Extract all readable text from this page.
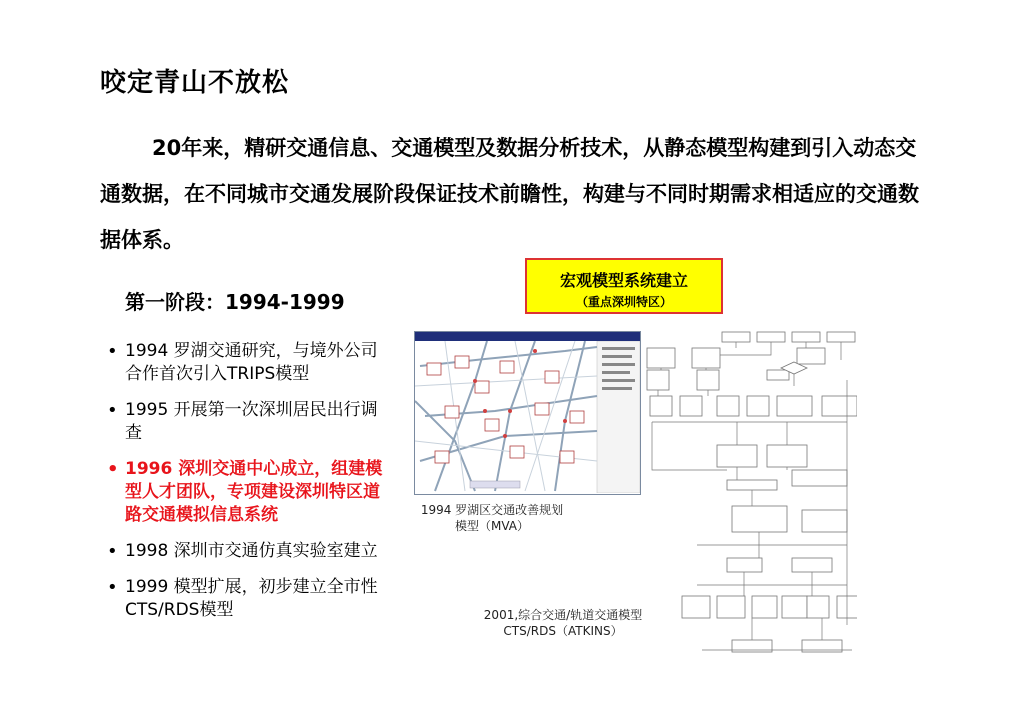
咬定青山不放松
20年来，精研交通信息、交通模型及数据分析技术，从静态模型构建到引入动态交通数据，在不同城市交通发展阶段保证技术前瞻性，构建与不同时期需求相适应的交通数据体系。
第一阶段：1994-1999
• 1994 罗湖交通研究，与境外公司合作首次引入TRIPS模型
• 1995 开展第一次深圳居民出行调查
• 1996 深圳交通中心成立，组建模型人才团队，专项建设深圳特区道路交通模拟信息系统
• 1998 深圳市交通仿真实验室建立
• 1999 模型扩展，初步建立全市性CTS/RDS模型
宏观模型系统建立
（重点深圳特区）
1994 罗湖区交通改善规划模型（MVA）
2001,综合交通/轨道交通模型CTS/RDS（ATKINS）
